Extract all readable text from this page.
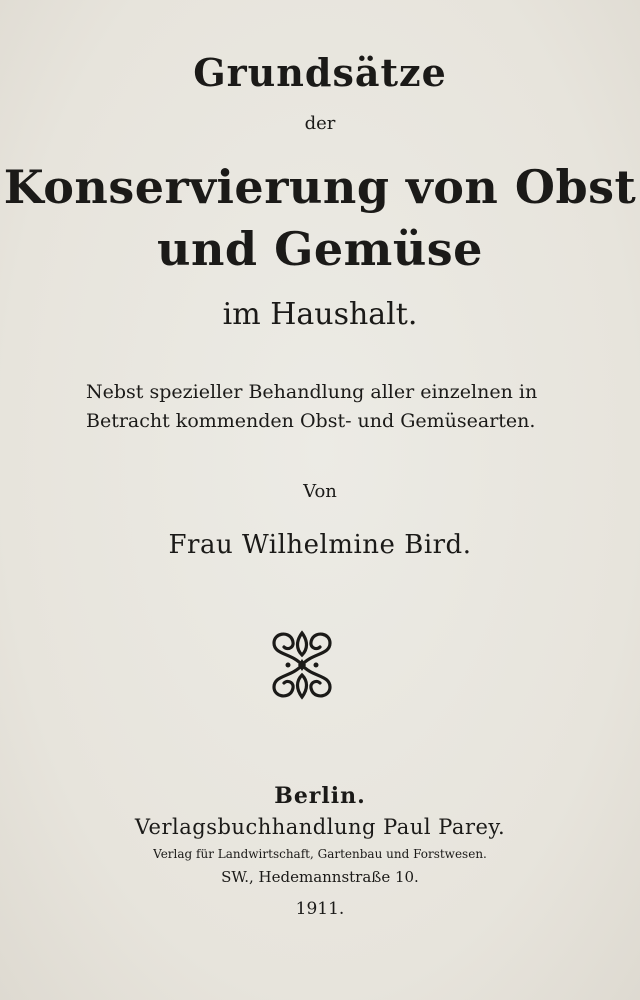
Grundsätze
der
Konservierung von Obst
und Gemüse
im Haushalt.
Nebst spezieller Behandlung aller einzelnen in
Betracht kommenden Obst- und Gemüsearten.
Von
Frau Wilhelmine Bird.
Berlin.
Verlagsbuchhandlung Paul Parey.
Verlag für Landwirtschaft, Gartenbau und Forstwesen.
SW., Hedemannstraße 10.
1911.
